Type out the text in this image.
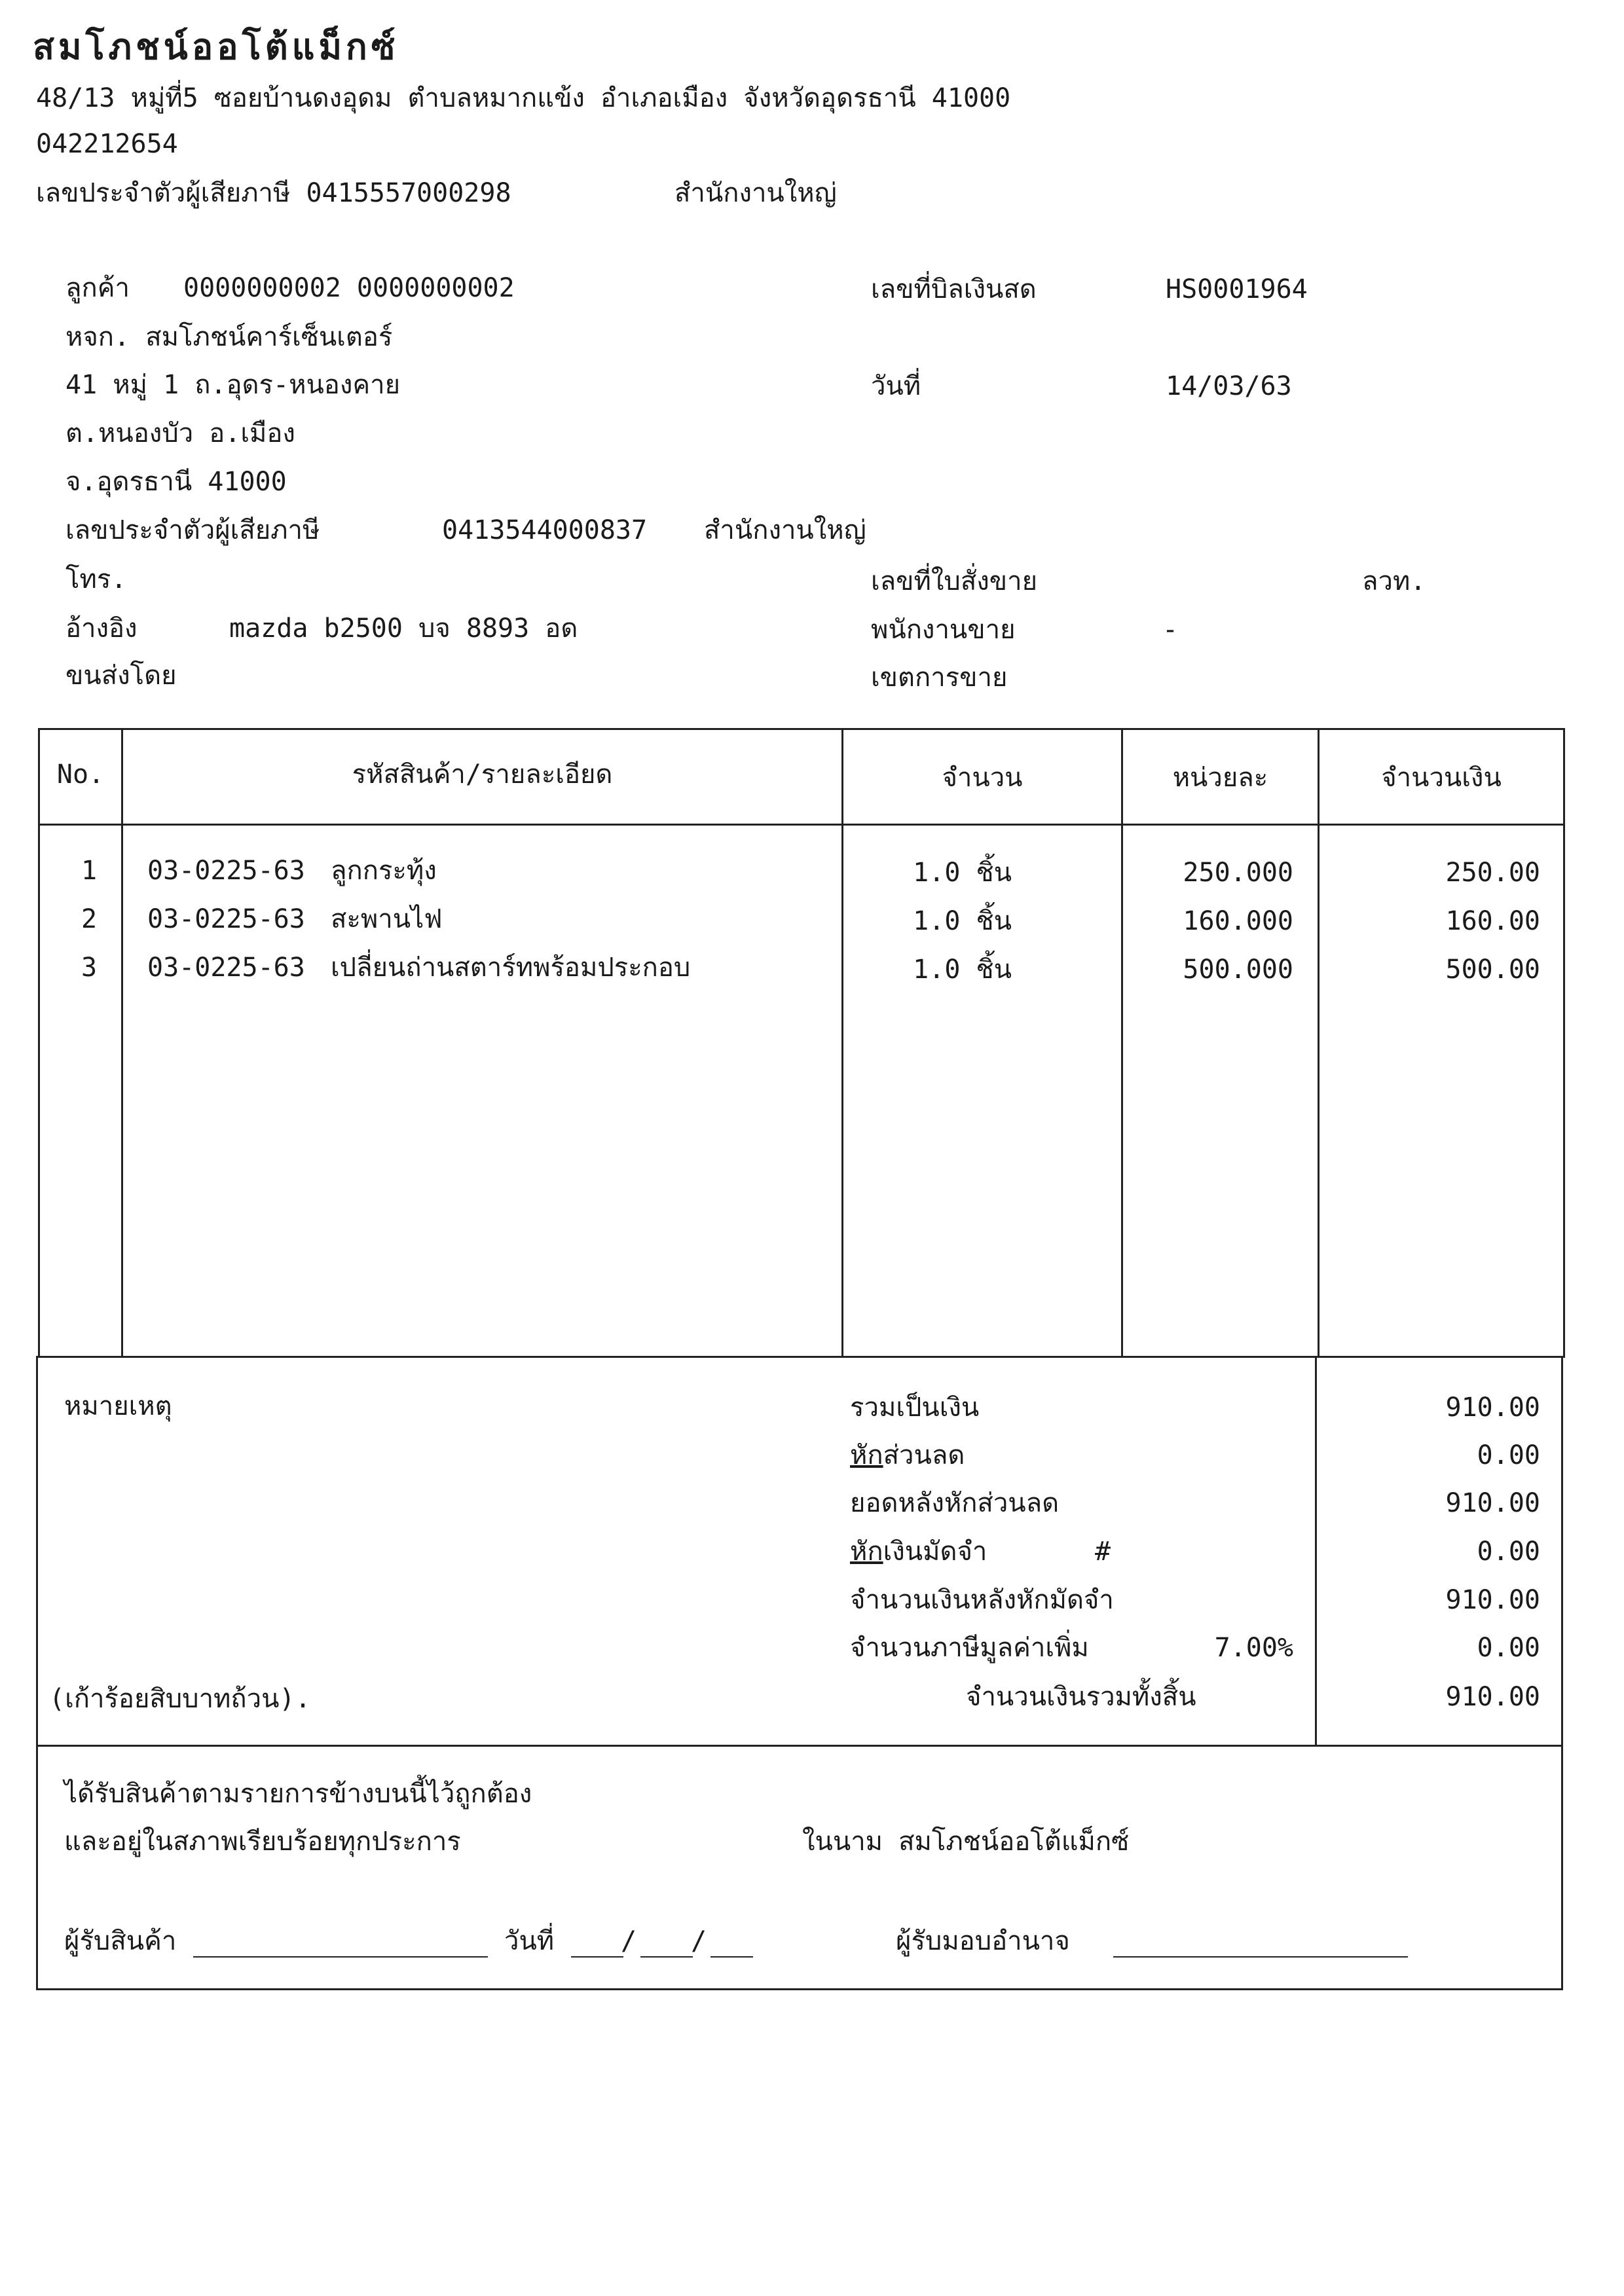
สมโภชน์ออโต้แม็กซ์
48/13 หมู่ที่5 ซอยบ้านดงอุดม ตำบลหมากแข้ง อำเภอเมือง จังหวัดอุดรธานี 41000
042212654
เลขประจำตัวผู้เสียภาษี 0415557000298	สำนักงานใหญ่
ลูกค้า 0000000002 0000000002
หจก. สมโภชน์คาร์เซ็นเตอร์
41 หมู่ 1 ถ.อุดร-หนองคาย
ต.หนองบัว อ.เมือง
จ.อุดรธานี 41000
เลขประจำตัวผู้เสียภาษี	0413544000837 สำนักงานใหญ่
โทร.
อ้างอิง	mazda b2500 บจ 8893 อด
ขนส่งโดย
เลขที่บิลเงินสด	HS0001964
วันที่	14/03/63
เลขที่ใบสั่งขาย	ลวท.
พนักงานขาย	-
เขตการขาย
No.	รหัสสินค้า/รายละเอียด	จำนวน	หน่วยละ	จำนวนเงิน
1	03-0225-63 ลูกกระทุ้ง	1.0 ชิ้น	250.000	250.00
2	03-0225-63 สะพานไฟ	1.0 ชิ้น	160.000	160.00
3	03-0225-63 เปลี่ยนถ่านสตาร์ทพร้อมประกอบ	1.0 ชิ้น	500.000	500.00
หมายเหตุ
(เก้าร้อยสิบบาทถ้วน).
รวมเป็นเงิน	910.00
หักส่วนลด	0.00
ยอดหลังหักส่วนลด	910.00
หักเงินมัดจำ	#	0.00
จำนวนเงินหลังหักมัดจำ	910.00
จำนวนภาษีมูลค่าเพิ่ม	7.00%	0.00
จำนวนเงินรวมทั้งสิ้น	910.00
ได้รับสินค้าตามรายการข้างบนนี้ไว้ถูกต้อง
และอยู่ในสภาพเรียบร้อยทุกประการ	ในนาม สมโภชน์ออโต้แม็กซ์
ผู้รับสินค้า	วันที่	/ /	ผู้รับมอบอำนาจ
